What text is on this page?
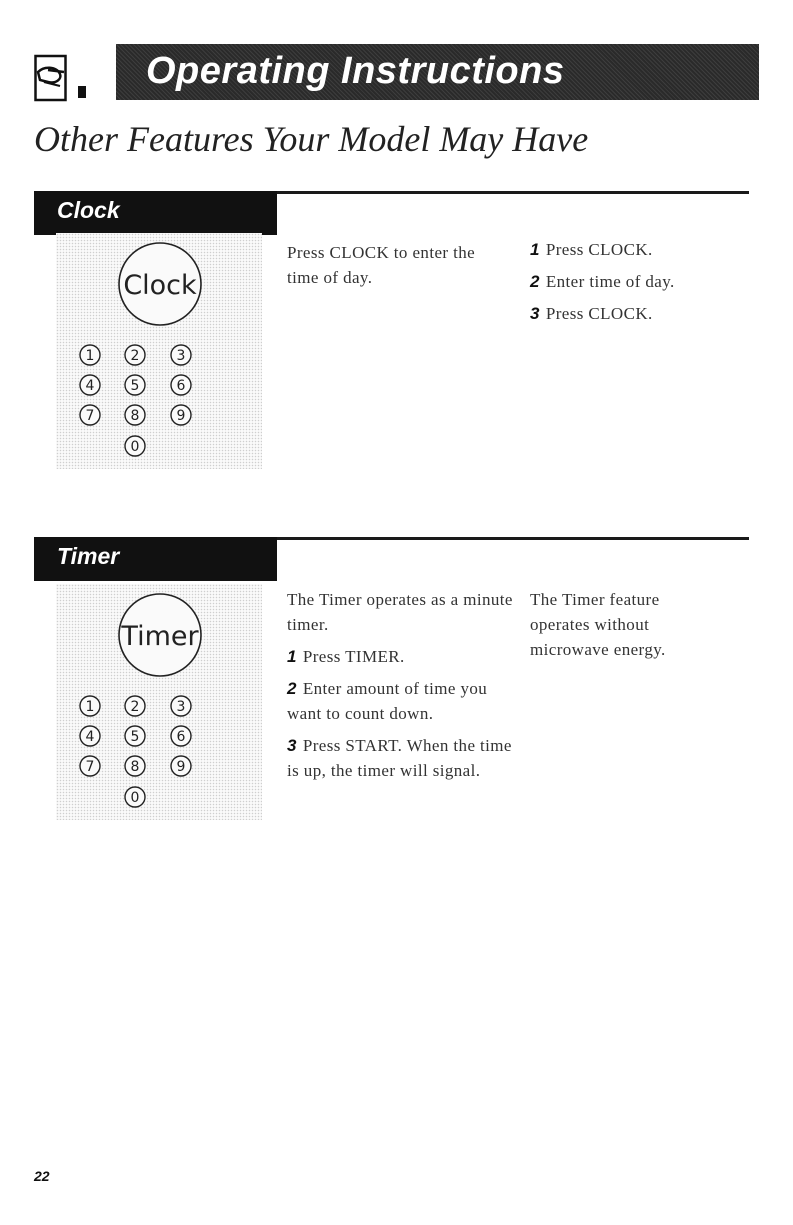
Operating Instructions
Other Features Your Model May Have
Clock
Clock
1	2	3
4	5	6
7	8	9
0
Press CLOCK to enter the time of day.
1 Press CLOCK.
2 Enter time of day.
3 Press CLOCK.
Timer
Timer
1	2	3
4	5	6
7	8	9
0
The Timer operates as a minute timer.
1 Press TIMER.
2 Enter amount of time you want to count down.
3 Press START. When the time is up, the timer will signal.
The Timer feature operates without microwave energy.
22
